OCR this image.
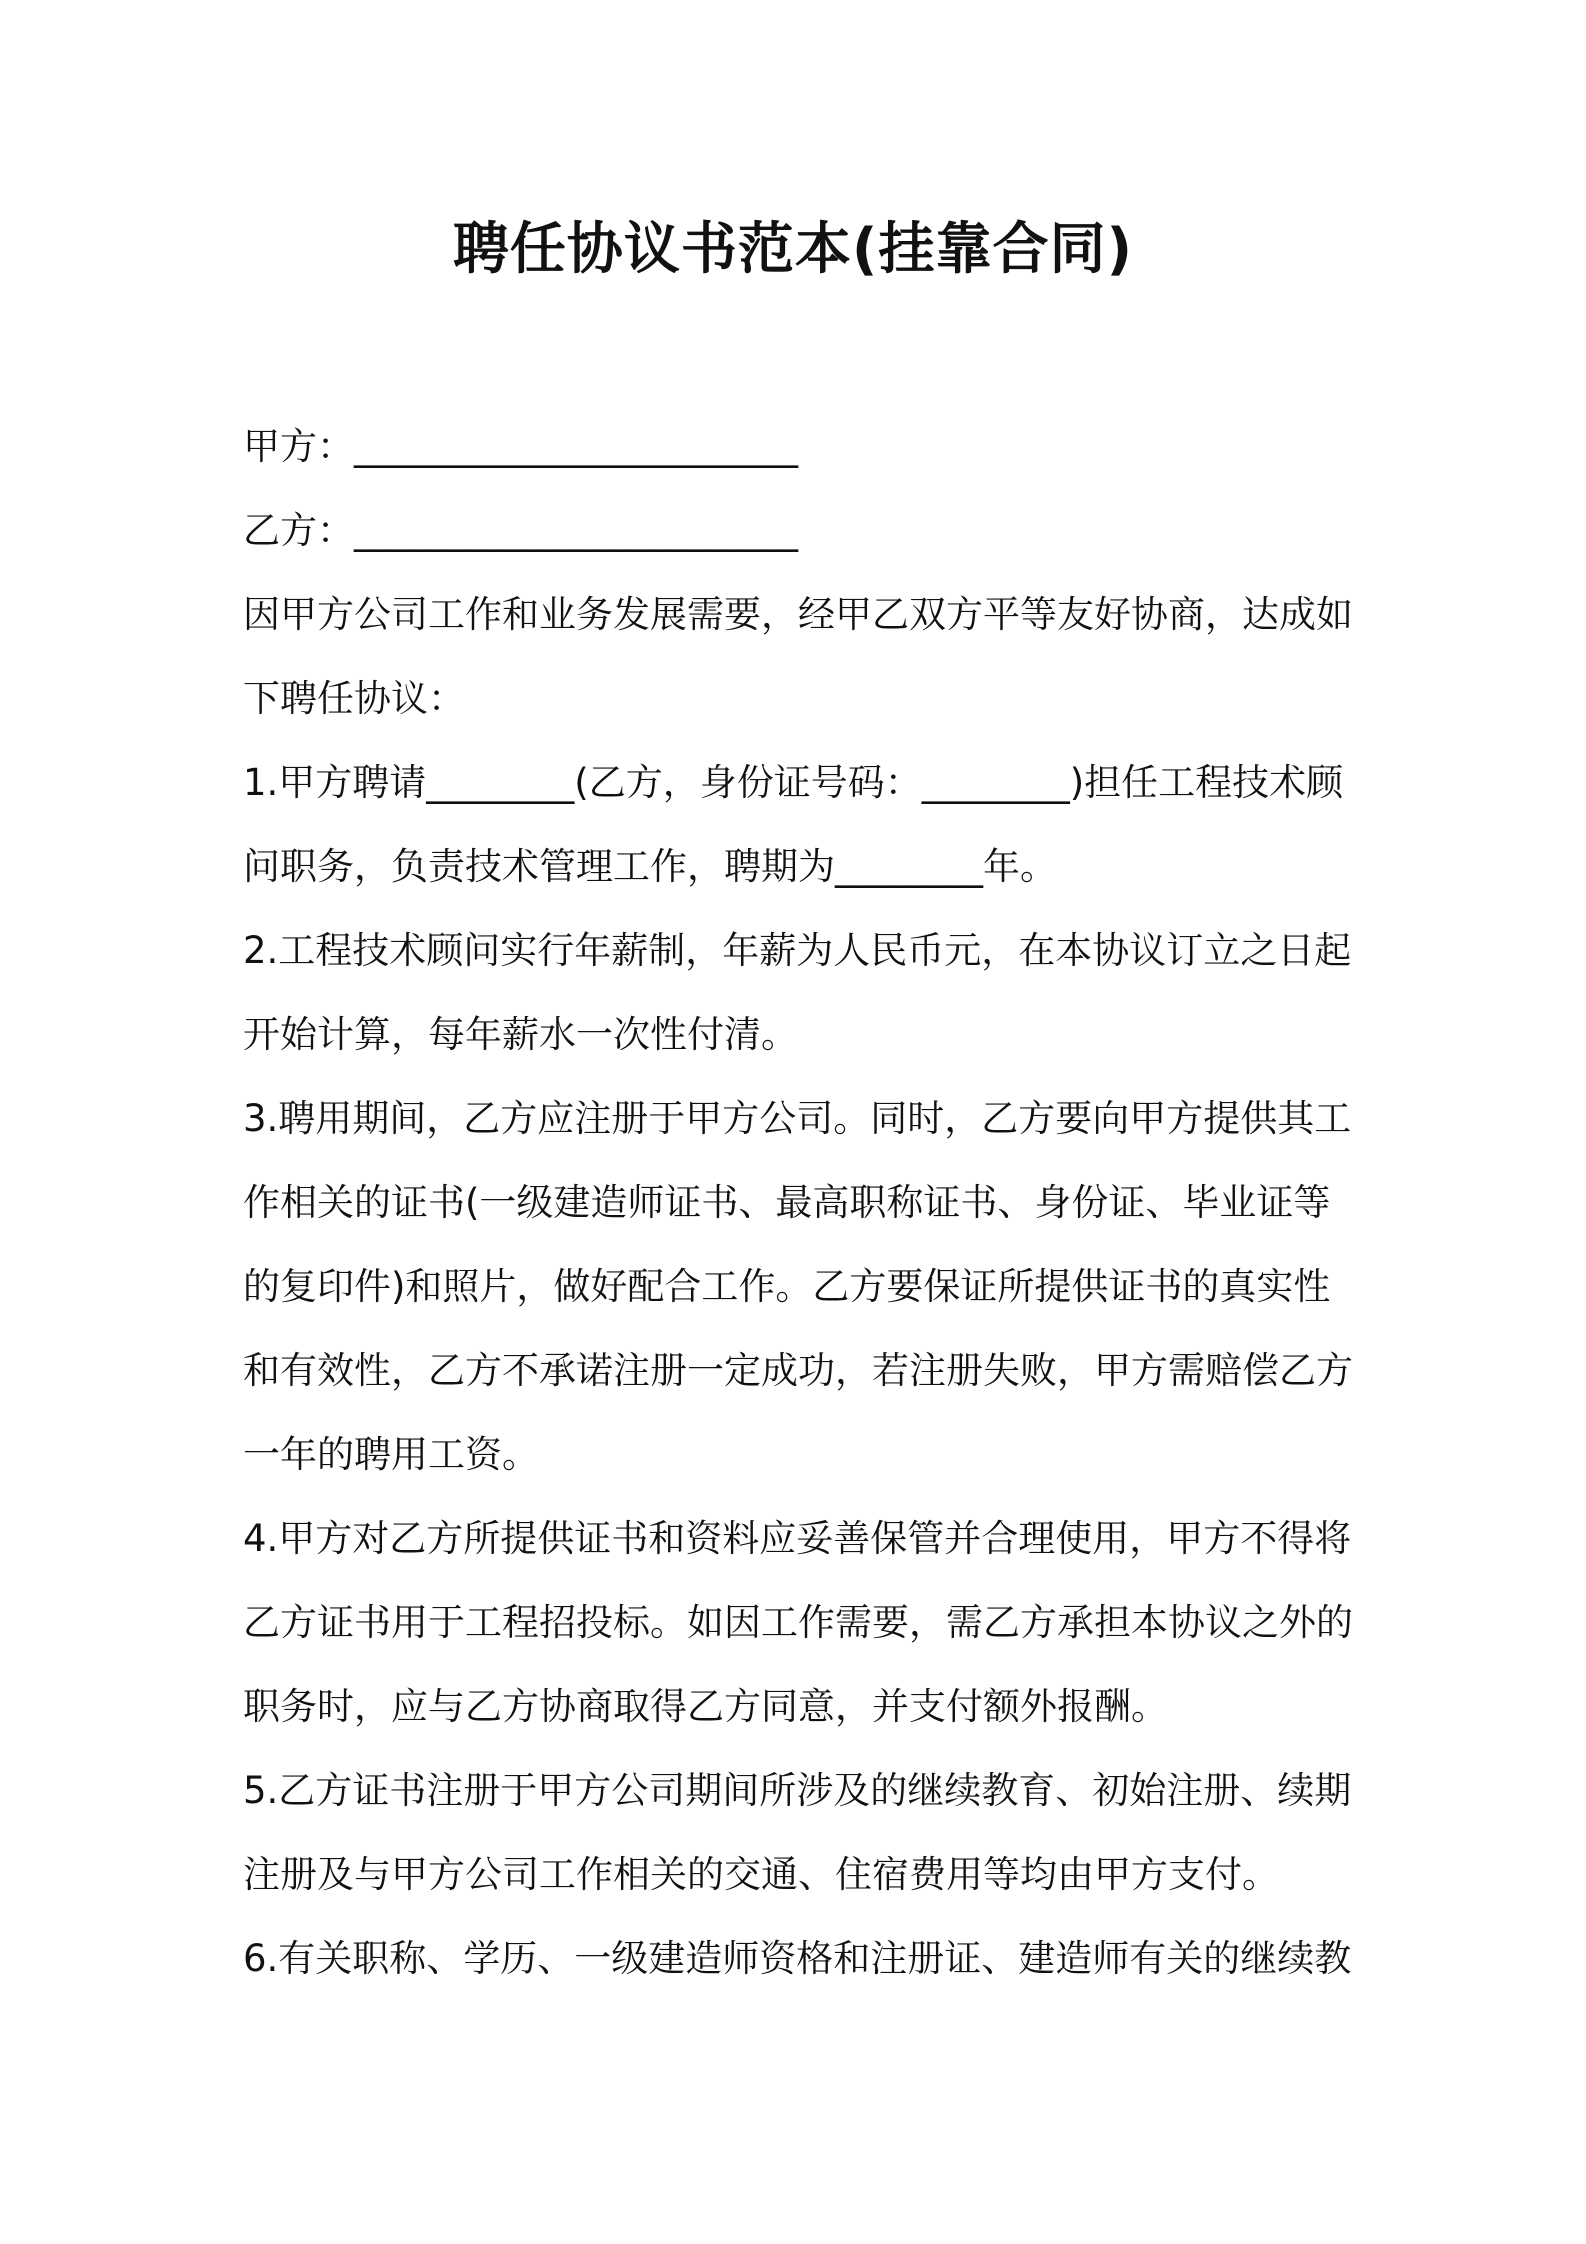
聘任协议书范本(挂靠合同)
甲方：________________________
乙方：________________________
因甲方公司工作和业务发展需要，经甲乙双方平等友好协商，达成如
下聘任协议：
1.甲方聘请________(乙方，身份证号码：________)担任工程技术顾
问职务，负责技术管理工作，聘期为________年。
2.工程技术顾问实行年薪制，年薪为人民币元，在本协议订立之日起
开始计算，每年薪水一次性付清。
3.聘用期间，乙方应注册于甲方公司。同时，乙方要向甲方提供其工
作相关的证书(一级建造师证书、最高职称证书、身份证、毕业证等
的复印件)和照片，做好配合工作。乙方要保证所提供证书的真实性
和有效性，乙方不承诺注册一定成功，若注册失败，甲方需赔偿乙方
一年的聘用工资。
4.甲方对乙方所提供证书和资料应妥善保管并合理使用，甲方不得将
乙方证书用于工程招投标。如因工作需要，需乙方承担本协议之外的
职务时，应与乙方协商取得乙方同意，并支付额外报酬。
5.乙方证书注册于甲方公司期间所涉及的继续教育、初始注册、续期
注册及与甲方公司工作相关的交通、住宿费用等均由甲方支付。
6.有关职称、学历、一级建造师资格和注册证、建造师有关的继续教
